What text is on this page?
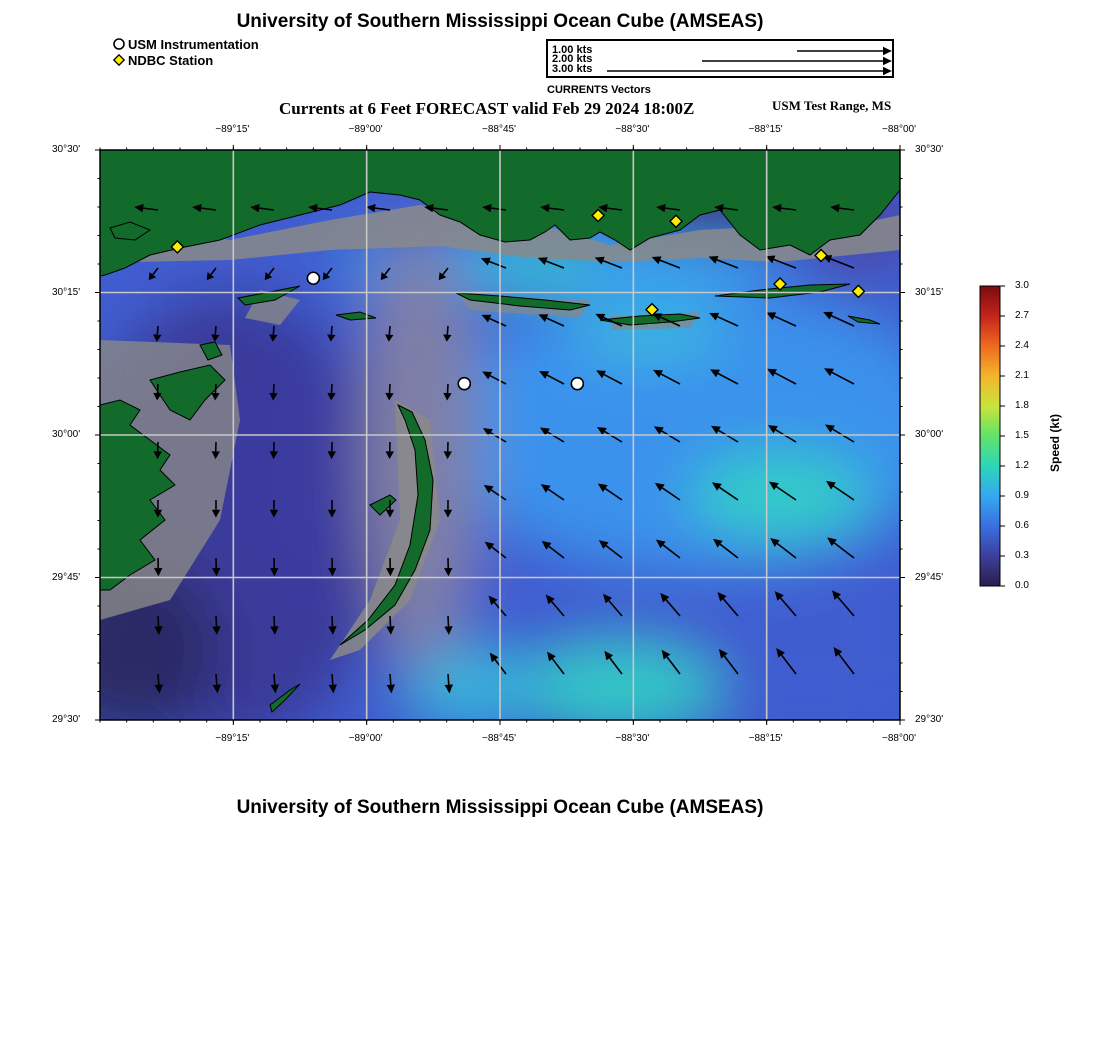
University of Southern Mississippi Ocean Cube (AMSEAS)
USM Instrumentation
NDBC Station
1.00 kts
2.00 kts
3.00 kts
CURRENTS Vectors
Currents at 6 Feet FORECAST valid Feb 29 2024 18:00Z	USM Test Range, MS
−89°15'
−89°15'
−89°00'
−89°00'
−88°45'
−88°45'
−88°30'
−88°30'
−88°15'
−88°15'
−88°00'
−88°00'
30°30'	30°30'
30°15'	30°15'
30°00'	30°00'
29°45'	29°45'
29°30'	29°30'
3.0
2.7
2.4
2.1
1.8
1.5
1.2
0.9
0.6
0.3
0.0
Speed (kt)
University of Southern Mississippi Ocean Cube (AMSEAS)
